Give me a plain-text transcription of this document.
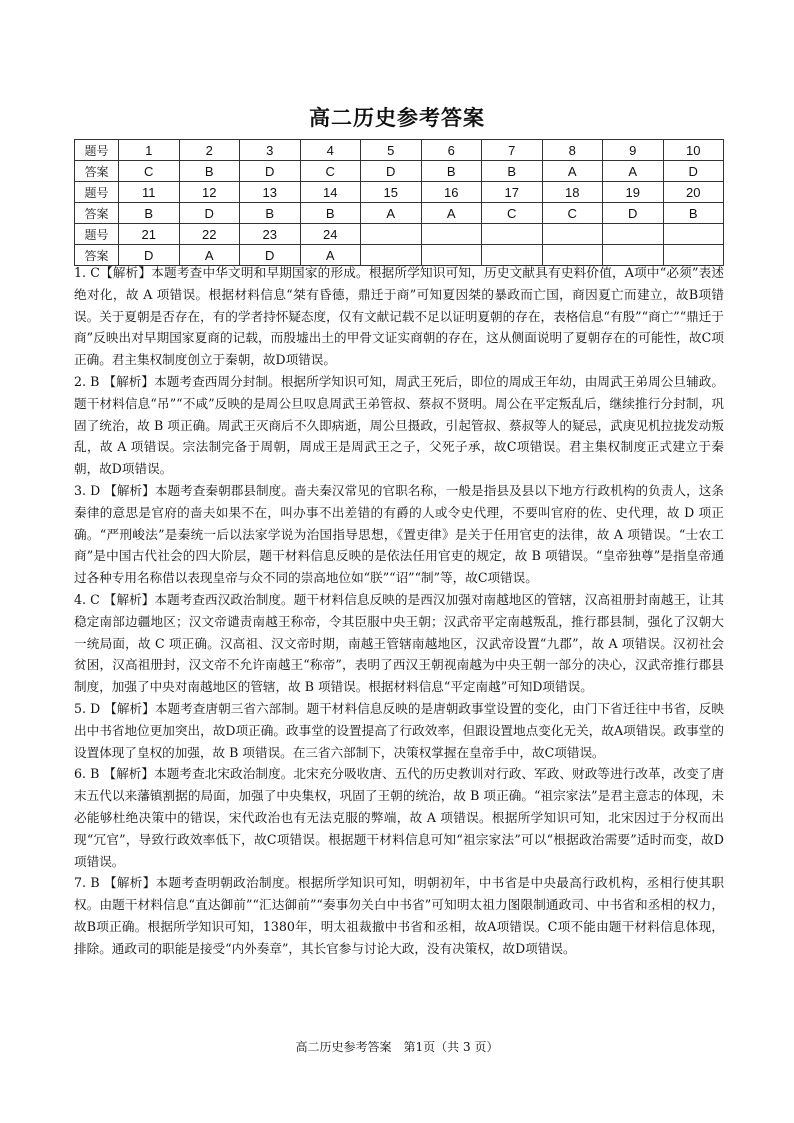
高二历史参考答案
题号	1	2	3	4	5	6	7	8	9	10
答案	C	B	D	C	D	B	B	A	A	D
题号	11	12	13	14	15	16	17	18	19	20
答案	B	D	B	B	A	A	C	C	D	B
题号	21	22	23	24						
答案	D	A	D	A						

1. C【解析】本题考查中华文明和早期国家的形成。根据所学知识可知，历史文献具有史料价值，A项中“必须”表述绝对化，故 A 项错误。根据材料信息“桀有昏德，鼎迁于商”可知夏因桀的暴政而亡国，商因夏亡而建立，故B项错误。关于夏朝是否存在，有的学者持怀疑态度，仅有文献记载不足以证明夏朝的存在，表格信息“有殷”“商亡”“鼎迁于商”反映出对早期国家夏商的记载，而殷墟出土的甲骨文证实商朝的存在，这从侧面说明了夏朝存在的可能性，故C项正确。君主集权制度创立于秦朝，故D项错误。

2. B 【解析】本题考查西周分封制。根据所学知识可知，周武王死后，即位的周成王年幼，由周武王弟周公旦辅政。题干材料信息“吊”“不咸”反映的是周公旦叹息周武王弟管叔、蔡叔不贤明。周公在平定叛乱后，继续推行分封制，巩固了统治，故 B 项正确。周武王灭商后不久即病逝，周公旦摄政，引起管叔、蔡叔等人的疑忌，武庚见机拉拢发动叛乱，故 A 项错误。宗法制完备于周朝，周成王是周武王之子，父死子承，故C项错误。君主集权制度正式建立于秦朝，故D项错误。

3. D 【解析】本题考查秦朝郡县制度。啬夫秦汉常见的官职名称，一般是指县及县以下地方行政机构的负责人，这条秦律的意思是官府的啬夫如果不在，叫办事不出差错的有爵的人或令史代理，不要叫官府的佐、史代理，故 D 项正确。“严刑峻法”是秦统一后以法家学说为治国指导思想，《置吏律》是关于任用官吏的法律，故 A 项错误。“士农工商”是中国古代社会的四大阶层，题干材料信息反映的是依法任用官吏的规定，故 B 项错误。“皇帝独尊”是指皇帝通过各种专用名称借以表现皇帝与众不同的崇高地位如“朕”“诏”“制”等，故C项错误。

4. C 【解析】本题考查西汉政治制度。题干材料信息反映的是西汉加强对南越地区的管辖，汉高祖册封南越王，让其稳定南部边疆地区；汉文帝谴责南越王称帝，令其臣服中央王朝；汉武帝平定南越叛乱，推行郡县制，强化了汉朝大一统局面，故 C 项正确。汉高祖、汉文帝时期，南越王管辖南越地区，汉武帝设置“九郡”，故 A 项错误。汉初社会贫困，汉高祖册封，汉文帝不允许南越王“称帝”，表明了西汉王朝视南越为中央王朝一部分的决心，汉武帝推行郡县制度，加强了中央对南越地区的管辖，故 B 项错误。根据材料信息“平定南越”可知D项错误。

5. D 【解析】本题考查唐朝三省六部制。题干材料信息反映的是唐朝政事堂设置的变化，由门下省迁往中书省，反映出中书省地位更加突出，故D项正确。政事堂的设置提高了行政效率，但跟设置地点变化无关，故A项错误。政事堂的设置体现了皇权的加强，故 B 项错误。在三省六部制下，决策权掌握在皇帝手中，故C项错误。

6. B 【解析】本题考查北宋政治制度。北宋充分吸收唐、五代的历史教训对行政、军政、财政等进行改革，改变了唐末五代以来藩镇割据的局面，加强了中央集权，巩固了王朝的统治，故 B 项正确。“祖宗家法”是君主意志的体现，未必能够杜绝决策中的错误，宋代政治也有无法克服的弊端，故 A 项错误。根据所学知识可知，北宋因过于分权而出现“冗官”，导致行政效率低下，故C项错误。根据题干材料信息可知“祖宗家法”可以“根据政治需要”适时而变，故D项错误。

7. B 【解析】本题考查明朝政治制度。根据所学知识可知，明朝初年，中书省是中央最高行政机构，丞相行使其职权。由题干材料信息“直达御前”“汇达御前”“奏事勿关白中书省”可知明太祖力图限制通政司、中书省和丞相的权力，故B项正确。根据所学知识可知，1380年，明太祖裁撤中书省和丞相，故A项错误。C项不能由题干材料信息体现，排除。通政司的职能是接受“内外奏章”，其长官参与讨论大政，没有决策权，故D项错误。

高二历史参考答案　第1页（共 3 页）
